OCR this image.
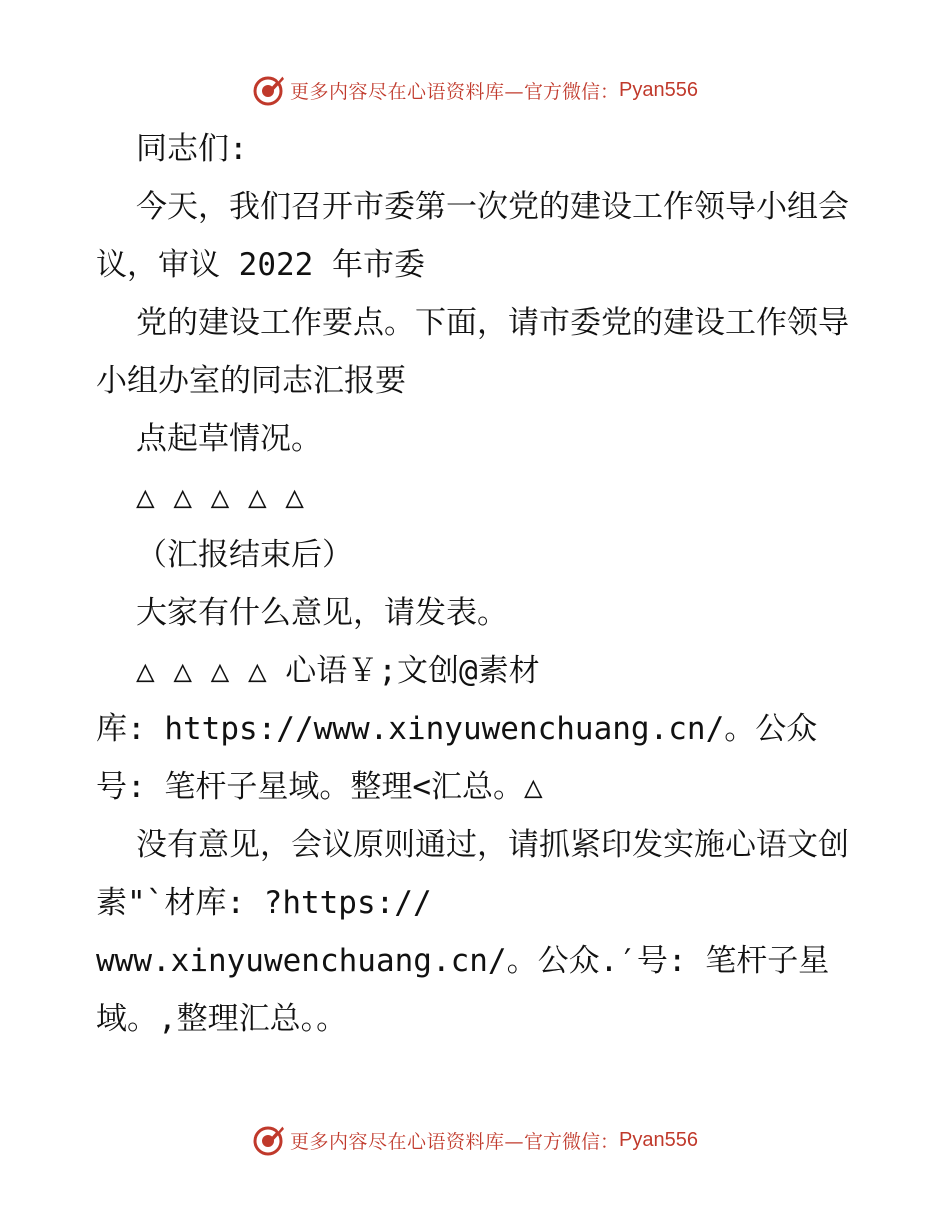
更多内容尽在心语资料库— 官方微信： Pyan556

同志们:

今天，我们召开市委第一次党的建设工作领导小组会议，审议 2022 年市委

党的建设工作要点。下面，请市委党的建设工作领导小组办室的同志汇报要

点起草情况。

△ △ △ △ △

（汇报结束后）

大家有什么意见，请发表。

△ △ △ △ 心语￥;文创@素材

库: https://www.xinyuwenchuang.cn/。公众号: 笔杆子星域。整理<汇总。△

没有意见，会议原则通过，请抓紧印发实施心语文创素"`材库: ?https://

www.xinyuwenchuang.cn/。公众.′号: 笔杆子星域。,整理汇总。。

更多内容尽在心语资料库— 官方微信： Pyan556
